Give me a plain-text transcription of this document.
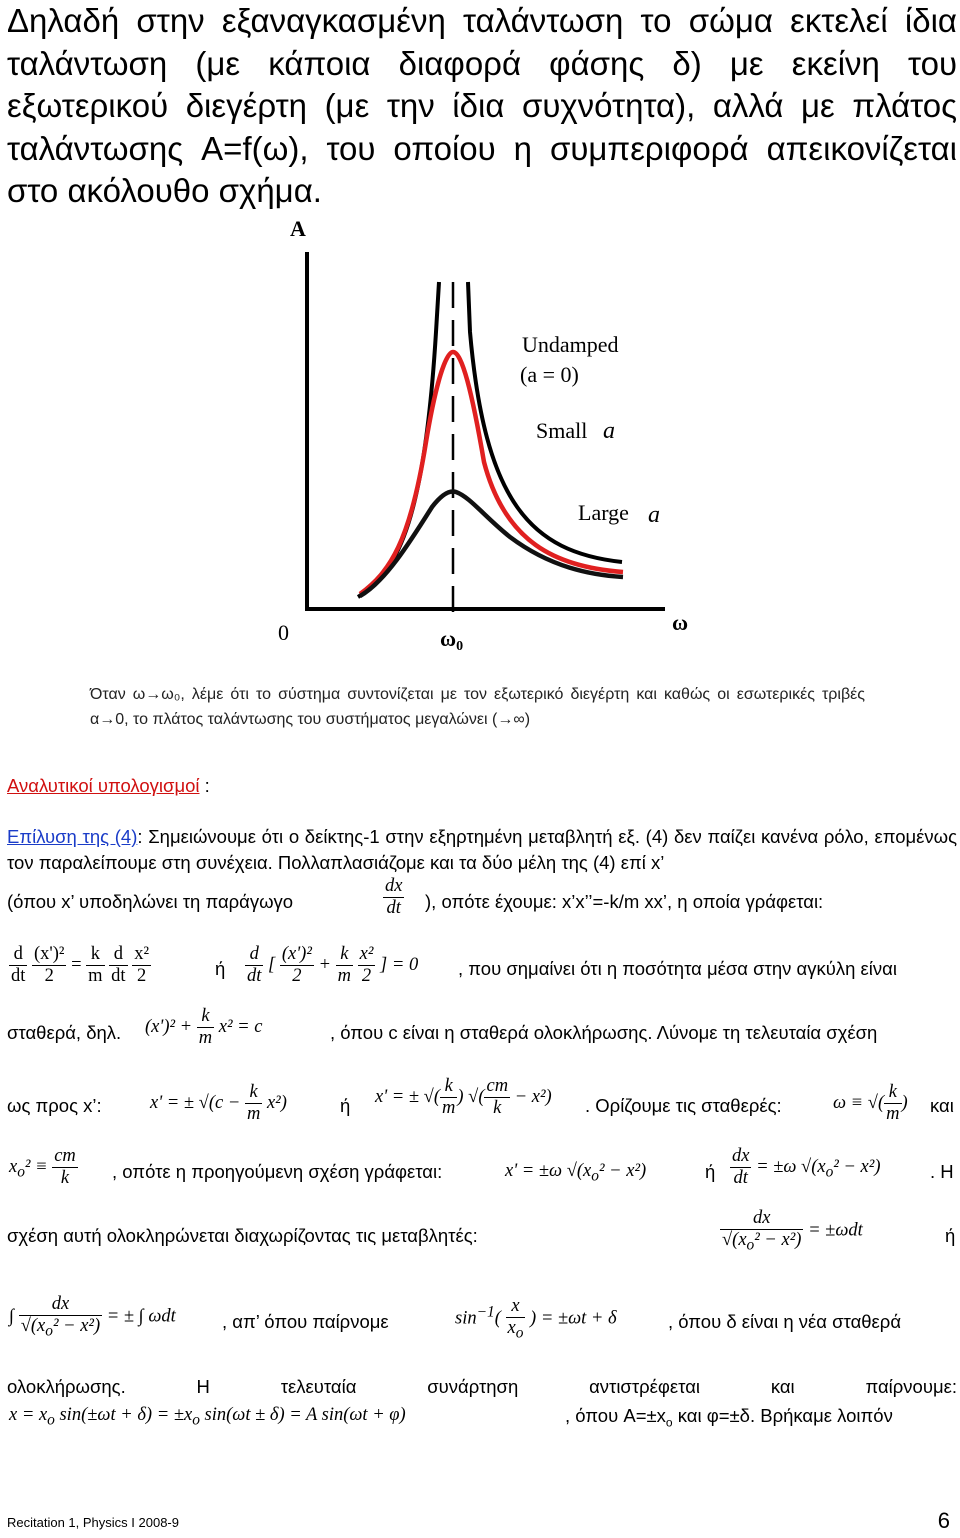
Δηλαδή στην εξαναγκασμένη ταλάντωση το σώμα εκτελεί ίδια ταλάντωση (με κάποια διαφορά φάσης δ) με εκείνη του εξωτερικού διεγέρτη (με την ίδια συχνότητα), αλλά με πλάτος ταλάντωσης A=f(ω), του οποίου η συμπεριφορά απεικονίζεται στο ακόλουθο σχήμα.
A
0	ω0
ω
Undamped
(a = 0)
Small a
Large a
Όταν ω→ω₀, λέμε ότι το σύστημα συντονίζεται με τον εξωτερικό διεγέρτη και καθώς οι εσωτερικές τριβές α→0, το πλάτος ταλάντωσης του συστήματος μεγαλώνει (→∞)
Αναλυτικοί υπολογισμοί :
Επίλυση της (4): Σημειώνουμε ότι ο δείκτης-1 στην εξηρτημένη μεταβλητή εξ. (4) δεν παίζει κανένα ρόλο, επομένως τον παραλείπουμε στη συνέχεια. Πολλαπλασιάζομε και τα δύο μέλη της (4) επί x’
(όπου x’ υποδηλώνει τη παράγωγο	$\frac{dx}{dt}$ ), οπότε έχουμε: x’x’’=-k/m xx’, η οποία γράφεται:
$\frac{d}{dt}$
$\frac{\text{(x')²}}{2} = \frac{k}{m}$
$\frac{d}{dt}$
$\frac{\text{x²}}{2}$	ή $\frac{d}{dt}$ [ $\frac{\text{(x')²}}{2} + \frac{k}{m}$
$\frac{\text{x²}}{2}$ ] = 0 , που σημαίνει ότι η ποσότητα μέσα στην αγκύλη είναι
σταθερά, δηλ. $(x')^2 + \frac{k}{m} x^2 = c$	, όπου c είναι η σταθερά ολοκλήρωσης. Λύνομε τη τελευταία σχέση
ως προς x’:	x' = ± $√(c - \frac{k}{m} x^2)$	ή x' = ± √( $\frac{k}{m}$ ) √( $\frac{cm}{k} - x^2$) . Ορίζουμε τις σταθερές:	ω ≡ √( $\frac{k}{m}$ ) και
$x_o^2 \equiv \frac{cm}{k}$ , οπότε η προηγούμενη σχέση γράφεται:	x' = ±ω $√(x_o^2 - x^2)$	ή $\frac{dx}{dt} = \pm\omega$ $√(x_o^2 - x^2)$	. Η
σχέση αυτή ολοκληρώνεται διαχωρίζοντας τις μεταβλητές:	$\frac{dx}{√(x_o^2 - x^2)} = \pm\omega dt$	ή
∫ $\frac{dx}{√(x_o^2 - x^2)}$ = ± ∫ ωdt , απ’ όπου παίρνομε	$\sin^{-1}( \frac{x}{x_o}$ ) = ±ωt + δ	, όπου δ είναι η νέα σταθερά
ολοκλήρωσης. Η τελευταία συνάρτηση αντιστρέφεται και παίρνουμε:
$x = x_o$ $\sin(\pm\omega t + \delta) = \pm x_o$ sin(ωt ± δ) = A sin(ωt + φ)	, όπου $A=\pm x_o$ και φ=±δ. Βρήκαμε λοιπόν
Recitation 1, Physics I 2008-9	6
